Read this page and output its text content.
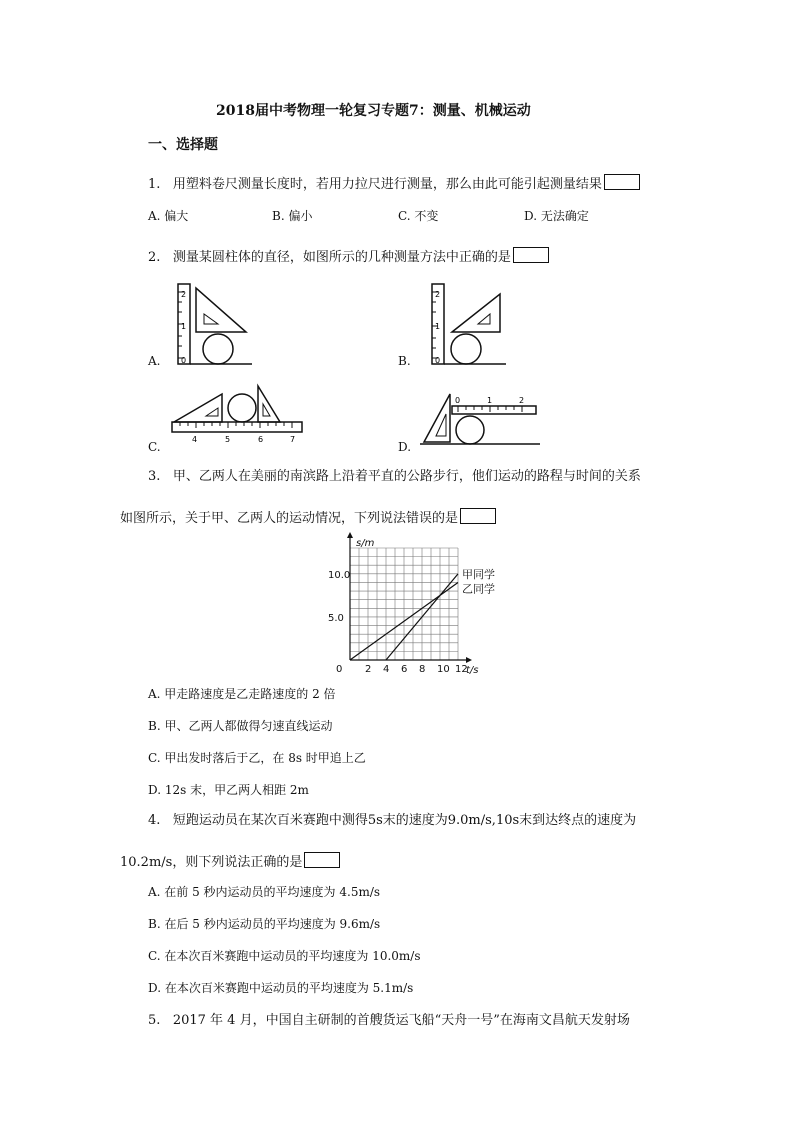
2018届中考物理一轮复习专题7：测量、机械运动
一、选择题
1. 用塑料卷尺测量长度时，若用力拉尺进行测量，那么由此可能引起测量结果
A. 偏大	B. 偏小	C. 不变	D. 无法确定
2. 测量某圆柱体的直径，如图所示的几种测量方法中正确的是
A.
2
1
0	B.
2
1
0
C.
4	5	6	7
D.
0	1	2
3. 甲、乙两人在美丽的南滨路上沿着平直的公路步行，他们运动的路程与时间的关系
如图所示，关于甲、乙两人的运动情况，下列说法错误的是
甲同学
乙同学
0 2 4 6 8 10 12
5.0
10.0
s/m
t/s
A. 甲走路速度是乙走路速度的 2 倍
B. 甲、乙两人都做得匀速直线运动
C. 甲出发时落后于乙，在 8s 时甲追上乙
D. 12s 末，甲乙两人相距 2m
4. 短跑运动员在某次百米赛跑中测得5s末的速度为9.0m/s,10s末到达终点的速度为
10.2m/s，则下列说法正确的是
A. 在前 5 秒内运动员的平均速度为 4.5m/s
B. 在后 5 秒内运动员的平均速度为 9.6m/s
C. 在本次百米赛跑中运动员的平均速度为 10.0m/s
D. 在本次百米赛跑中运动员的平均速度为 5.1m/s
5. 2017 年 4 月，中国自主研制的首艘货运飞船“天舟一号”在海南文昌航天发射场
